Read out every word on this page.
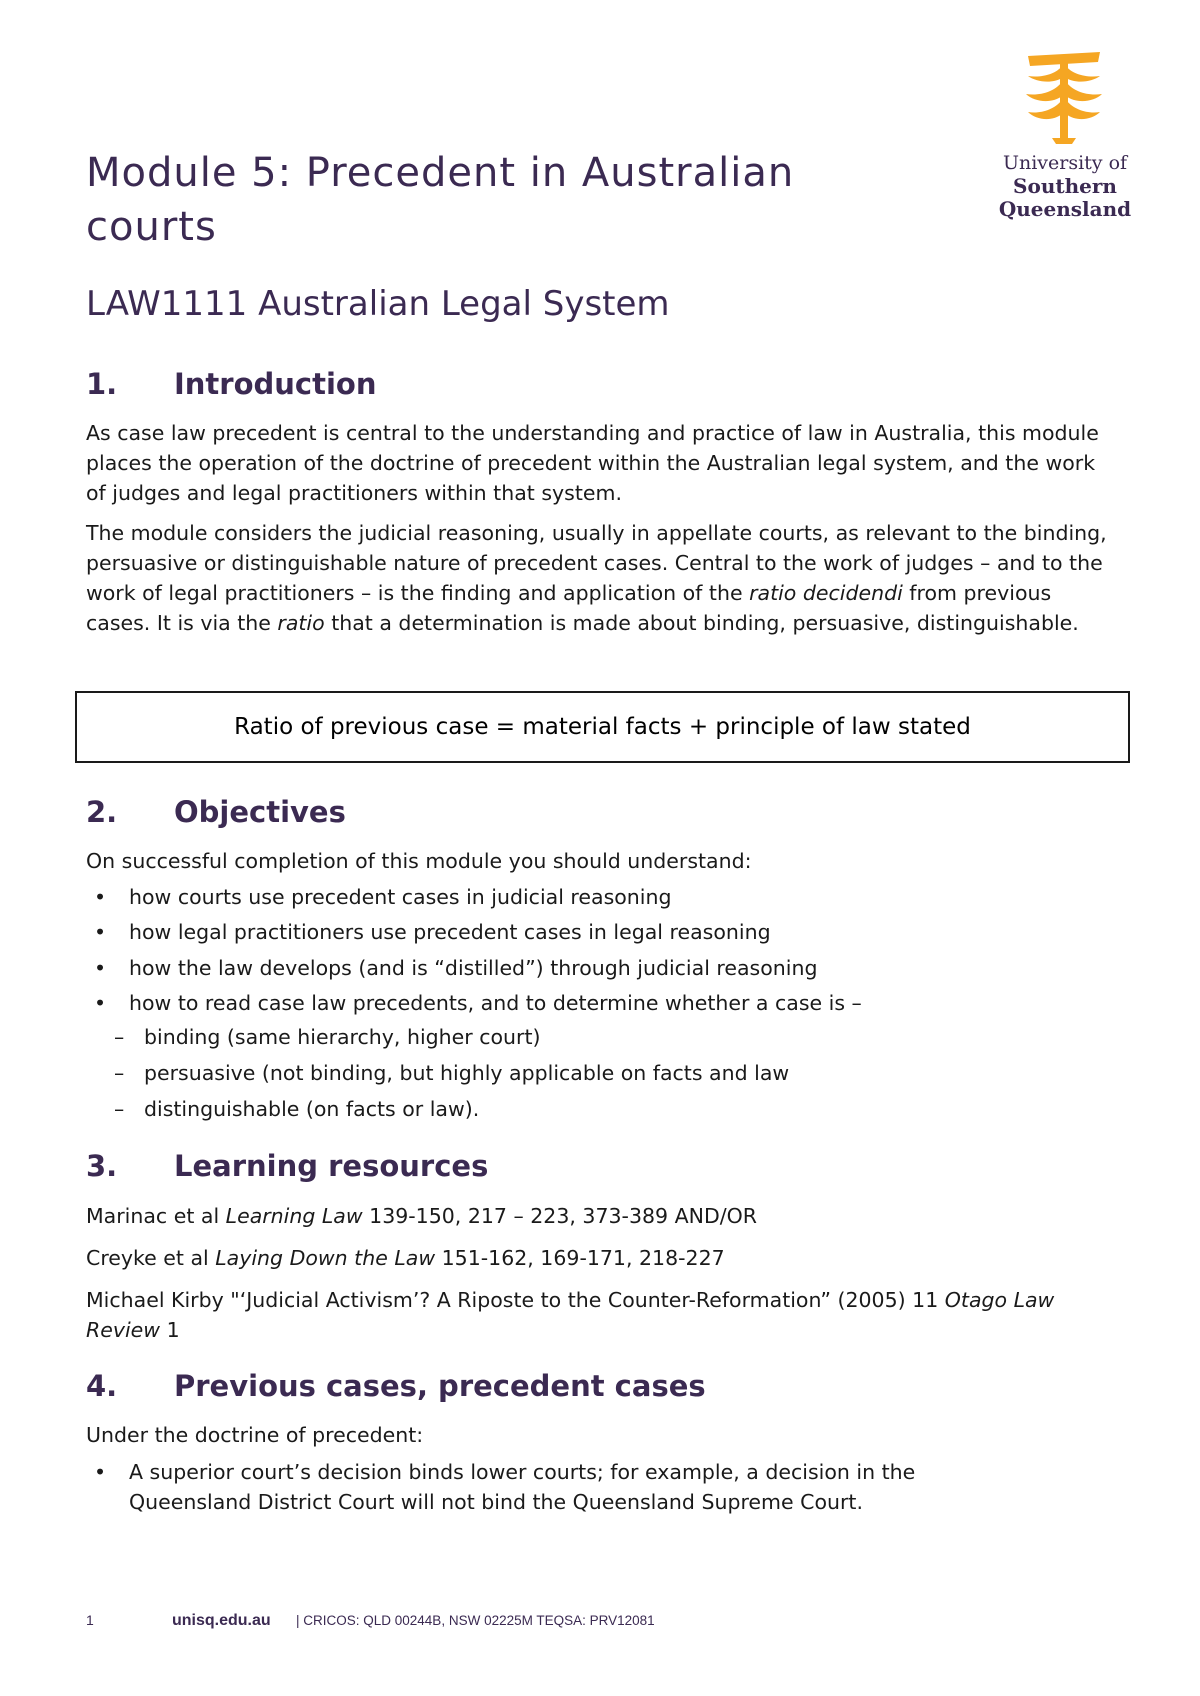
University of
Southern
Queensland
Module 5: Precedent in Australian courts
LAW1111 Australian Legal System
1. Introduction

As case law precedent is central to the understanding and practice of law in Australia, this module places the operation of the doctrine of precedent within the Australian legal system, and the work of judges and legal practitioners within that system.

The module considers the judicial reasoning, usually in appellate courts, as relevant to the binding, persuasive or distinguishable nature of precedent cases. Central to the work of judges – and to the work of legal practitioners – is the finding and application of the ratio decidendi from previous cases. It is via the ratio that a determination is made about binding, persuasive, distinguishable.

Ratio of previous case = material facts + principle of law stated
2. Objectives

On successful completion of this module you should understand:

• how courts use precedent cases in judicial reasoning
• how legal practitioners use precedent cases in legal reasoning
• how the law develops (and is “distilled”) through judicial reasoning
• how to read case law precedents, and to determine whether a case is –
– binding (same hierarchy, higher court)
– persuasive (not binding, but highly applicable on facts and law
– distinguishable (on facts or law).
3. Learning resources

Marinac et al Learning Law 139-150, 217 – 223, 373-389 AND/OR

Creyke et al Laying Down the Law 151-162, 169-171, 218-227

Michael Kirby "‘Judicial Activism’? A Riposte to the Counter-Reformation” (2005) 11 Otago Law Review 1

4. Previous cases, precedent cases

Under the doctrine of precedent:

• A superior court’s decision binds lower courts; for example, a decision in the
Queensland District Court will not bind the Queensland Supreme Court.
1	unisq.edu.au | CRICOS: QLD 00244B, NSW 02225M TEQSA: PRV12081
